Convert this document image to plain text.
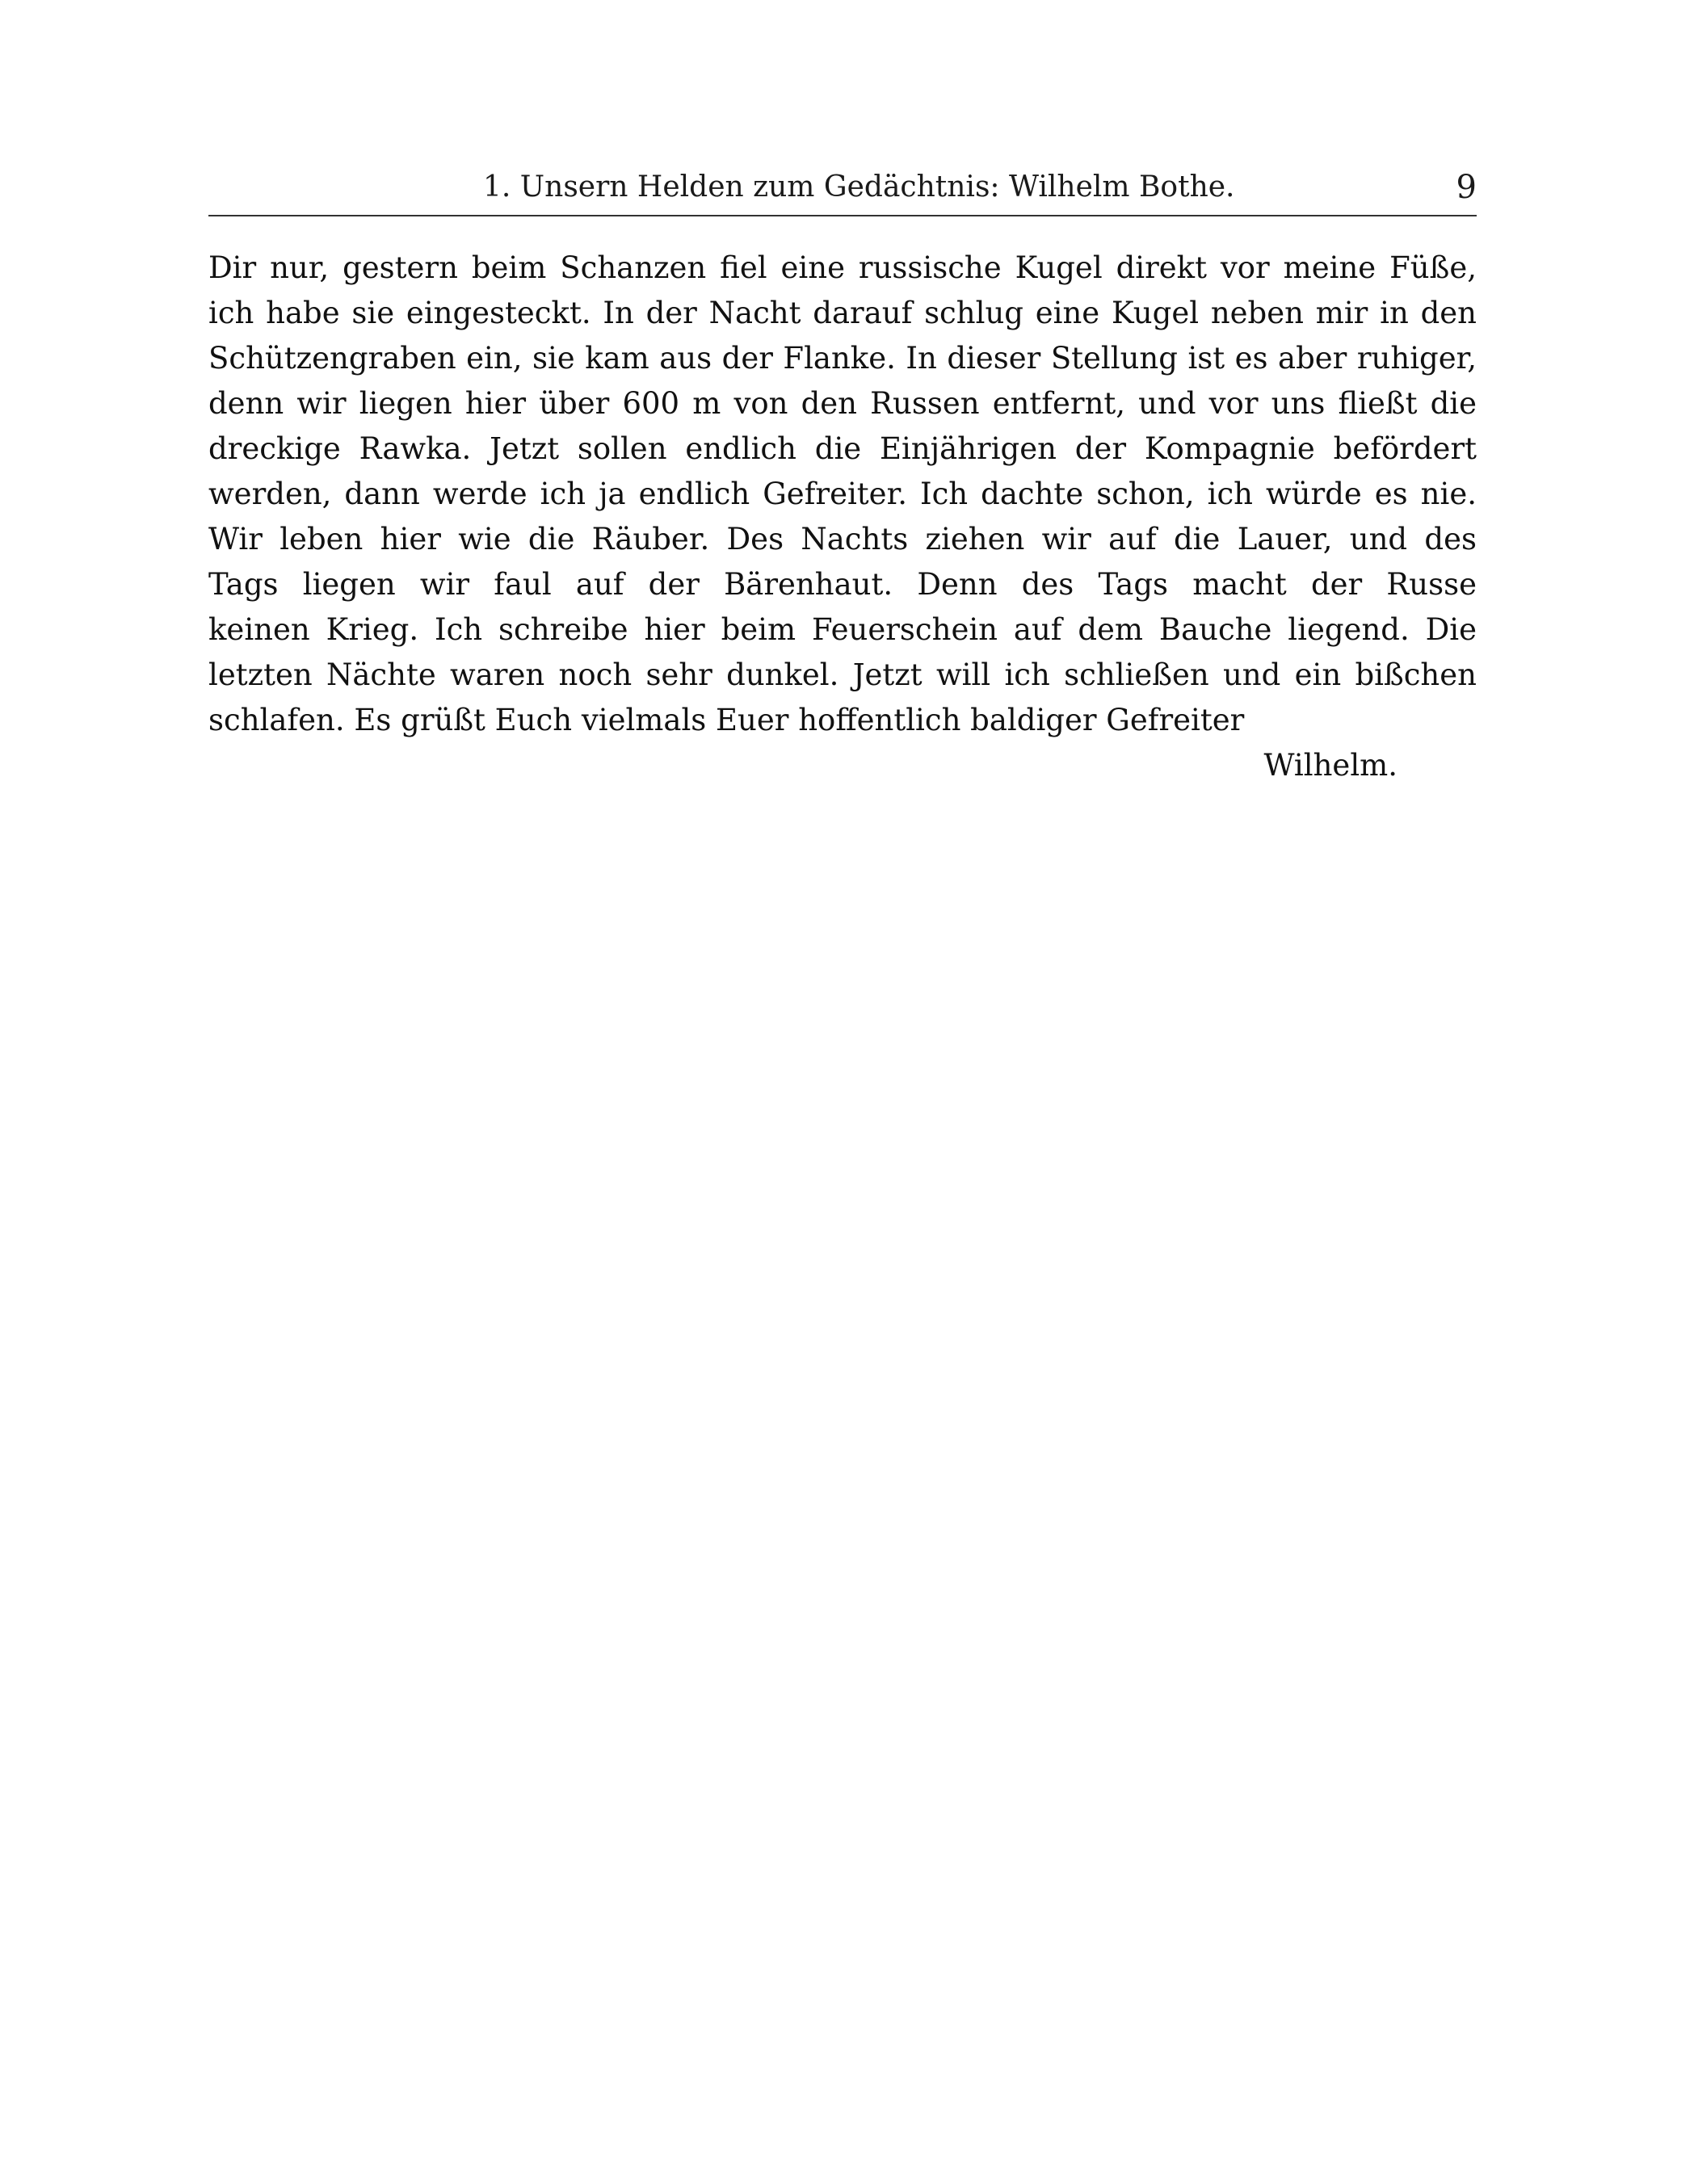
1. Unsern Helden zum Gedächtnis: Wilhelm Bothe.	9
Dir nur, gestern beim Schanzen fiel eine russische Kugel direkt vor meine Füße,
ich habe sie eingesteckt. In der Nacht darauf schlug eine Kugel neben mir in den
Schützengraben ein, sie kam aus der Flanke. In dieser Stellung ist es aber ruhiger,
denn wir liegen hier über 600 m von den Russen entfernt, und vor uns fließt die
dreckige Rawka. Jetzt sollen endlich die Einjährigen der Kompagnie befördert
werden, dann werde ich ja endlich Gefreiter. Ich dachte schon, ich würde es nie.
Wir leben hier wie die Räuber. Des Nachts ziehen wir auf die Lauer, und des
Tags liegen wir faul auf der Bärenhaut. Denn des Tags macht der Russe
keinen Krieg. Ich schreibe hier beim Feuerschein auf dem Bauche liegend. Die
letzten Nächte waren noch sehr dunkel. Jetzt will ich schließen und ein bißchen
schlafen. Es grüßt Euch vielmals Euer hoffentlich baldiger Gefreiter
Wilhelm.
